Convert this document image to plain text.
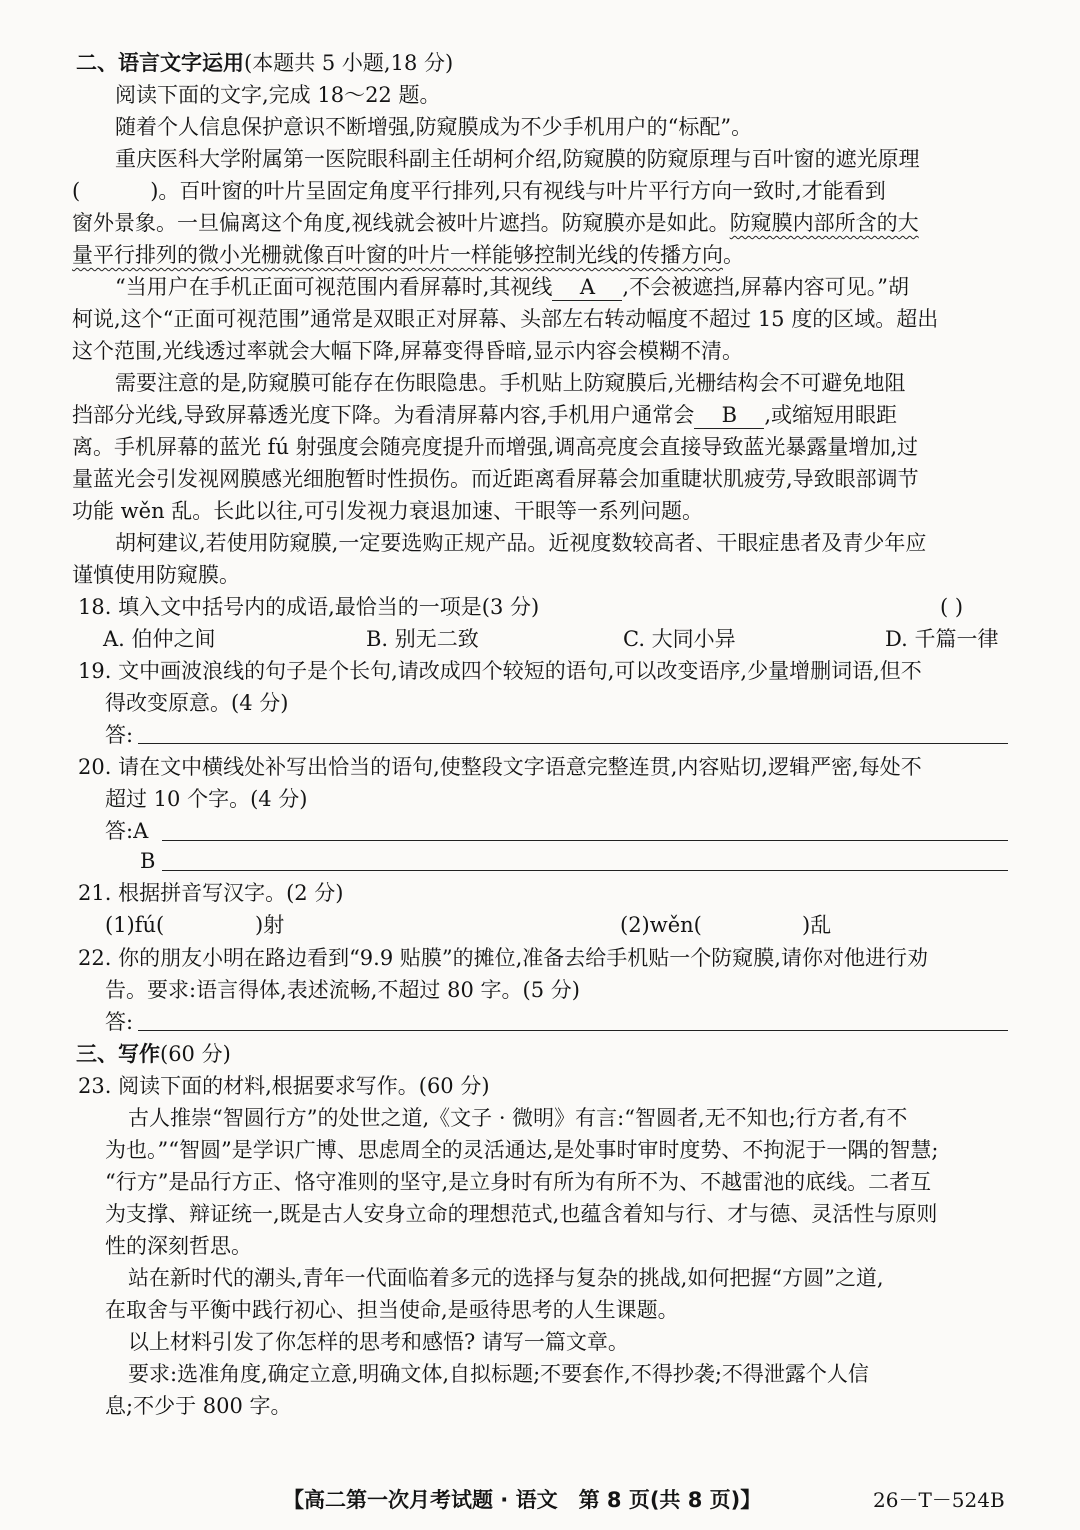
二、语言文字运用(本题共 5 小题,18 分)
阅读下面的文字,完成 18～22 题。
随着个人信息保护意识不断增强,防窥膜成为不少手机用户的“标配”。
重庆医科大学附属第一医院眼科副主任胡柯介绍,防窥膜的防窥原理与百叶窗的遮光原理
(	)。百叶窗的叶片呈固定角度平行排列,只有视线与叶片平行方向一致时,才能看到
窗外景象。一旦偏离这个角度,视线就会被叶片遮挡。防窥膜亦是如此。防窥膜内部所含的大
量平行排列的微小光栅就像百叶窗的叶片一样能够控制光线的传播方向。
“当用户在手机正面可视范围内看屏幕时,其视线 A ,不会被遮挡,屏幕内容可见。”胡
柯说,这个“正面可视范围”通常是双眼正对屏幕、头部左右转动幅度不超过 15 度的区域。超出
这个范围,光线透过率就会大幅下降,屏幕变得昏暗,显示内容会模糊不清。
需要注意的是,防窥膜可能存在伤眼隐患。手机贴上防窥膜后,光栅结构会不可避免地阻
挡部分光线,导致屏幕透光度下降。为看清屏幕内容,手机用户通常会 B ,或缩短用眼距
离。手机屏幕的蓝光 fú 射强度会随亮度提升而增强,调高亮度会直接导致蓝光暴露量增加,过
量蓝光会引发视网膜感光细胞暂时性损伤。而近距离看屏幕会加重睫状肌疲劳,导致眼部调节
功能 wěn 乱。长此以往,可引发视力衰退加速、干眼等一系列问题。
胡柯建议,若使用防窥膜,一定要选购正规产品。近视度数较高者、干眼症患者及青少年应
谨慎使用防窥膜。
18. 填入文中括号内的成语,最恰当的一项是(3 分)	( )
A. 伯仲之间	B. 别无二致	C. 大同小异	D. 千篇一律
19. 文中画波浪线的句子是个长句,请改成四个较短的语句,可以改变语序,少量增删词语,但不
得改变原意。(4 分)
答:
20. 请在文中横线处补写出恰当的语句,使整段文字语意完整连贯,内容贴切,逻辑严密,每处不
超过 10 个字。(4 分)
答:A
B
21. 根据拼音写汉字。(2 分)
(1)fú(	)射	(2)wěn(	)乱
22. 你的朋友小明在路边看到“9.9 贴膜”的摊位,准备去给手机贴一个防窥膜,请你对他进行劝
告。要求:语言得体,表述流畅,不超过 80 字。(5 分)
答:
三、写作(60 分)
23. 阅读下面的材料,根据要求写作。(60 分)
古人推崇“智圆行方”的处世之道,《文子 · 微明》有言:“智圆者,无不知也;行方者,有不
为也。”“智圆”是学识广博、思虑周全的灵活通达,是处事时审时度势、不拘泥于一隅的智慧;
“行方”是品行方正、恪守准则的坚守,是立身时有所为有所不为、不越雷池的底线。二者互
为支撑、辩证统一,既是古人安身立命的理想范式,也蕴含着知与行、才与德、灵活性与原则
性的深刻哲思。
站在新时代的潮头,青年一代面临着多元的选择与复杂的挑战,如何把握“方圆”之道,
在取舍与平衡中践行初心、担当使命,是亟待思考的人生课题。
以上材料引发了你怎样的思考和感悟? 请写一篇文章。
要求:选准角度,确定立意,明确文体,自拟标题;不要套作,不得抄袭;不得泄露个人信
息;不少于 800 字。
【高二第一次月考试题 · 语文　第 8 页(共 8 页)】	26－T－524B
